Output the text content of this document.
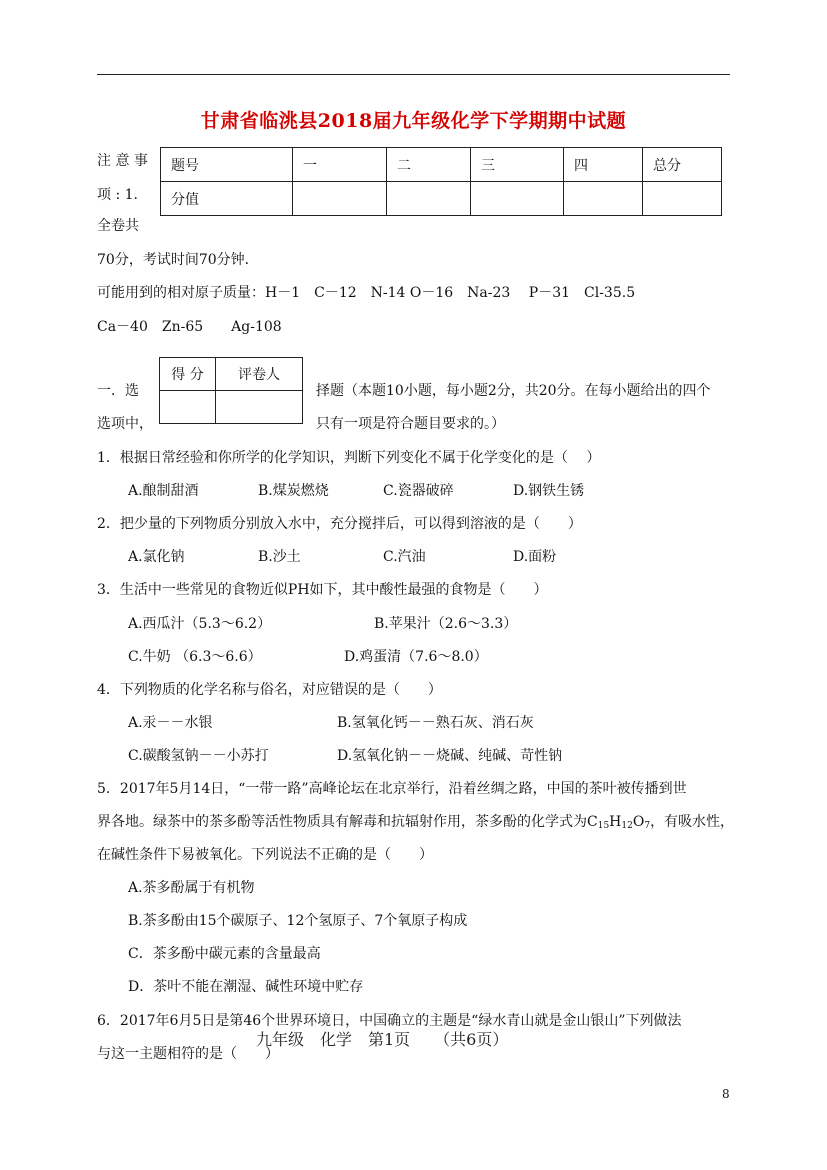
甘肃省临洮县2018届九年级化学下学期期中试题
注 意 事
项 : 1.
全卷共
70分，考试时间70分钟．
可能用到的相对原子质量：H－1　C－12　N-14 O－16　Na-23　 P－31　Cl-35.5
Ca－40　Zn-65　　Ag-108
题号	一	二	三	四	总分
分值					
一．选
选项中，
得 分	评卷人

择题（本题10小题，每小题2分，共20分。在每小题给出的四个
只有一项是符合题目要求的。）
1．根据日常经验和你所学的化学知识，判断下列变化不属于化学变化的是（　 ）
A.酿制甜酒	B.煤炭燃烧	C.瓷器破碎	D.钢铁生锈
2．把少量的下列物质分别放入水中，充分搅拌后，可以得到溶液的是（　　）
A.氯化钠	B.沙土	C.汽油	D.面粉
3．生活中一些常见的食物近似PH如下，其中酸性最强的食物是（　　）
A.西瓜汁（5.3～6.2）	B.苹果汁（2.6～3.3）
C.牛奶 （6.3～6.6）	D.鸡蛋清（7.6～8.0）
4．下列物质的化学名称与俗名，对应错误的是（　　）
A.汞－－水银	B.氢氧化钙－－熟石灰、消石灰
C.碳酸氢钠－－小苏打	D.氢氧化钠－－烧碱、纯碱、苛性钠
5．2017年5月14日，“一带一路”高峰论坛在北京举行，沿着丝绸之路，中国的茶叶被传播到世
界各地。绿茶中的茶多酚等活性物质具有解毒和抗辐射作用，茶多酚的化学式为$C_{15}H_{12}O_7$，有吸水性，
在碱性条件下易被氧化。下列说法不正确的是（　　）
A.茶多酚属于有机物
B.茶多酚由15个碳原子、12个氢原子、7个氧原子构成
C．茶多酚中碳元素的含量最高
D．茶叶不能在潮湿、碱性环境中贮存
6．2017年6月5日是第46个世界环境日，中国确立的主题是“绿水青山就是金山银山”下列做法
九年级　化学　第1页　　（共6页）
与这一主题相符的是（　　）
8
